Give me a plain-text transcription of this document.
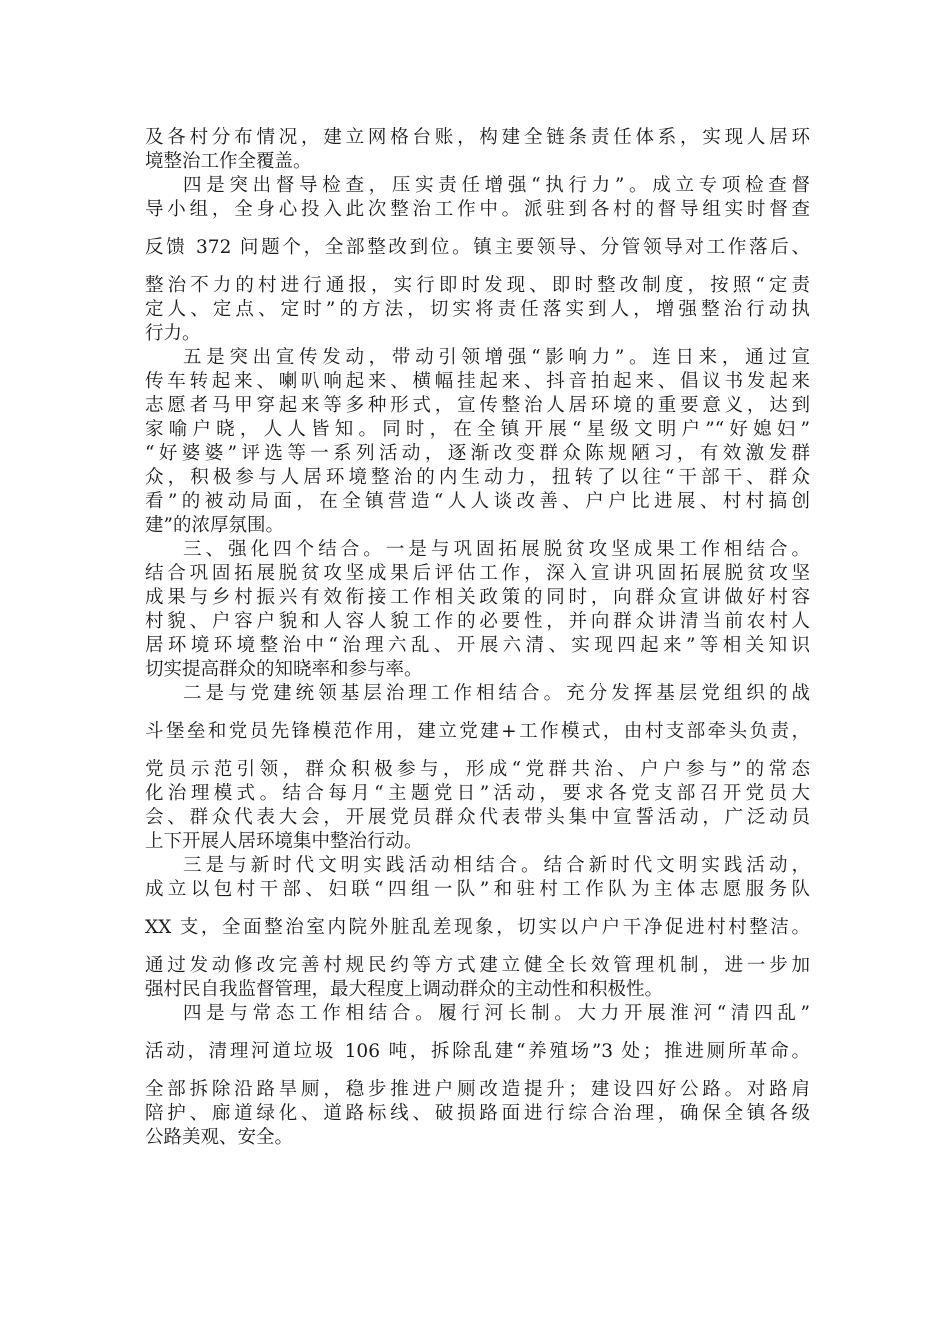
及各村分布情况，建立网格台账，构建全链条责任体系，实现人居环
境整治工作全覆盖。
四是突出督导检查，压实责任增强“执行力”。成立专项检查督
导小组，全身心投入此次整治工作中。派驻到各村的督导组实时督查
反馈 372 问题个，全部整改到位。镇主要领导、分管领导对工作落后、
整治不力的村进行通报，实行即时发现、即时整改制度，按照“定责
定人、定点、定时”的方法，切实将责任落实到人，增强整治行动执
行力。
五是突出宣传发动，带动引领增强“影响力”。连日来，通过宣
传车转起来、喇叭响起来、横幅挂起来、抖音拍起来、倡议书发起来
志愿者马甲穿起来等多种形式，宣传整治人居环境的重要意义，达到
家喻户晓，人人皆知。同时，在全镇开展“星级文明户”“好媳妇”
“好婆婆”评选等一系列活动，逐渐改变群众陈规陋习，有效激发群
众，积极参与人居环境整治的内生动力，扭转了以往“干部干、群众
看”的被动局面，在全镇营造“人人谈改善、户户比进展、村村搞创
建”的浓厚氛围。
三、强化四个结合。一是与巩固拓展脱贫攻坚成果工作相结合。
结合巩固拓展脱贫攻坚成果后评估工作，深入宣讲巩固拓展脱贫攻坚
成果与乡村振兴有效衔接工作相关政策的同时，向群众宣讲做好村容
村貌、户容户貌和人容人貌工作的必要性，并向群众讲清当前农村人
居环境环境整治中“治理六乱、开展六清、实现四起来”等相关知识
切实提高群众的知晓率和参与率。
二是与党建统领基层治理工作相结合。充分发挥基层党组织的战
斗堡垒和党员先锋模范作用，建立党建+工作模式，由村支部牵头负责，
党员示范引领，群众积极参与，形成“党群共治、户户参与”的常态
化治理模式。结合每月“主题党日”活动，要求各党支部召开党员大
会、群众代表大会，开展党员群众代表带头集中宣誓活动，广泛动员
上下开展人居环境集中整治行动。
三是与新时代文明实践活动相结合。结合新时代文明实践活动，
成立以包村干部、妇联“四组一队”和驻村工作队为主体志愿服务队
XX 支，全面整治室内院外脏乱差现象，切实以户户干净促进村村整洁。
通过发动修改完善村规民约等方式建立健全长效管理机制，进一步加
强村民自我监督管理，最大程度上调动群众的主动性和积极性。
四是与常态工作相结合。履行河长制。大力开展淮河“清四乱”
活动，清理河道垃圾 106 吨，拆除乱建“养殖场”3 处；推进厕所革命。
全部拆除沿路旱厕，稳步推进户厕改造提升；建设四好公路。对路肩
陪护、廊道绿化、道路标线、破损路面进行综合治理，确保全镇各级
公路美观、安全。
